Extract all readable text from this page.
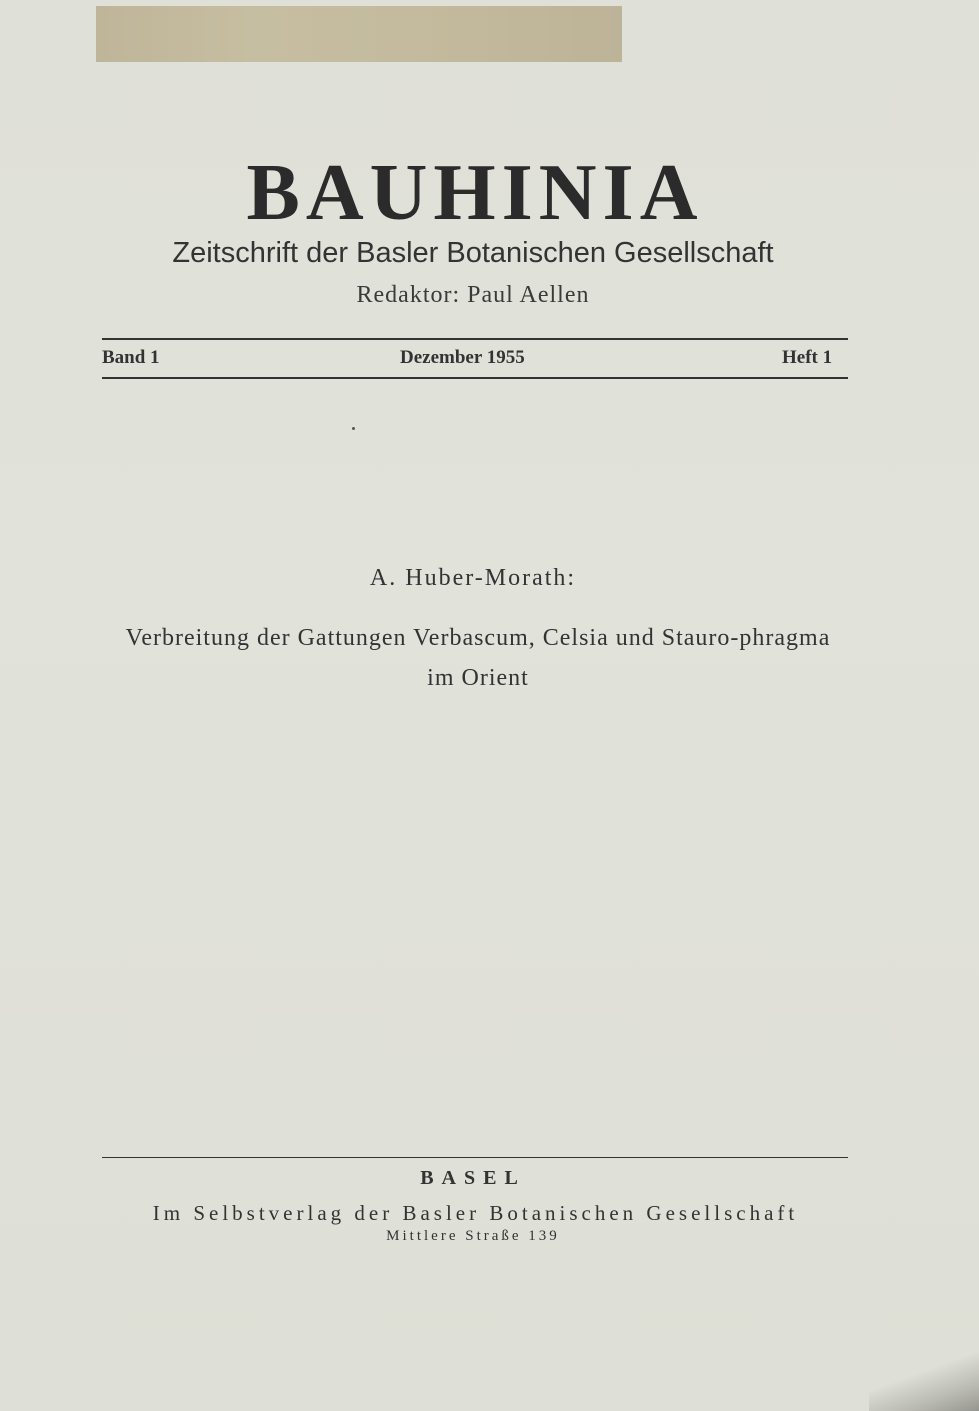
BAUHINIA
Zeitschrift der Basler Botanischen Gesellschaft
Redaktor: Paul Aellen
Band 1	Dezember 1955	Heft 1
A. Huber-Morath:
Verbreitung der Gattungen Verbascum, Celsia und Stauro-phragma im Orient
BASEL
Im Selbstverlag der Basler Botanischen Gesellschaft
Mittlere Straße 139
